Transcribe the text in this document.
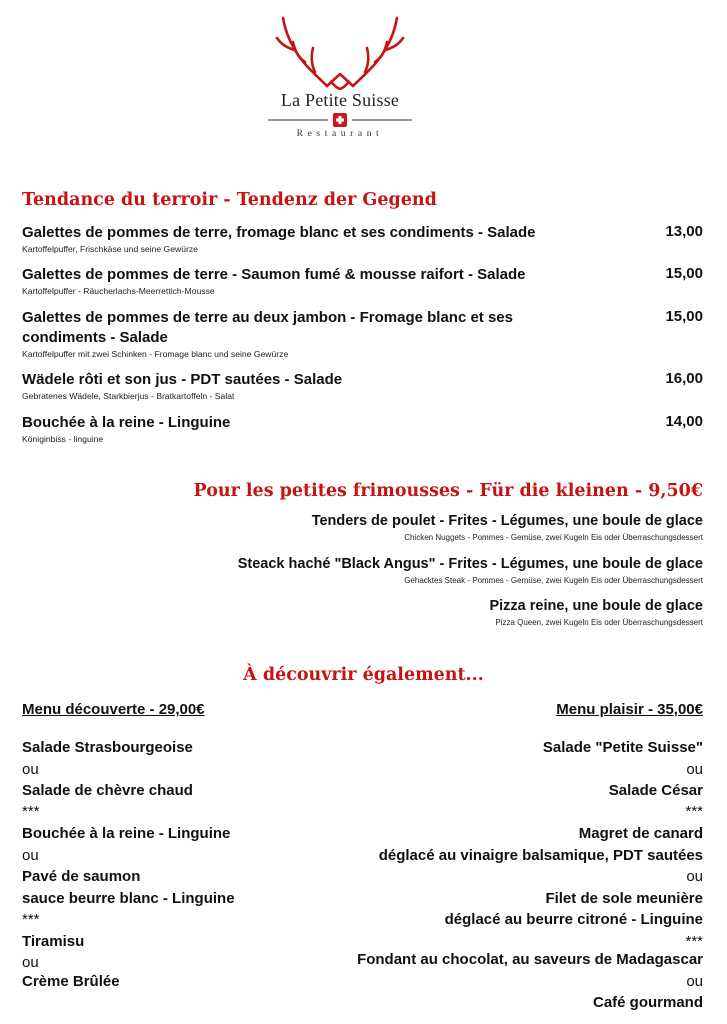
La Petite Suisse
Restaurant
Tendance du terroir - Tendenz der Gegend
Galettes de pommes de terre, fromage blanc et ses condiments - Salade	13,00
Kartoffelpuffer, Frischkäse und seine Gewürze
Galettes de pommes de terre - Saumon fumé & mousse raifort - Salade	15,00
Kartoffelpuffer - Räucherlachs-Meerrettich-Mousse
Galettes de pommes de terre au deux jambon - Fromage blanc et ses	15,00
condiments - Salade
Kartoffelpuffer mit zwei Schinken - Fromage blanc und seine Gewürze
Wädele rôti et son jus - PDT sautées - Salade	16,00
Gebratenes Wädele, Starkbierjus - Bratkartoffeln - Salat
Bouchée à la reine - Linguine	14,00
Königinbiss - linguine
Pour les petites frimousses - Für die kleinen - 9,50€
Tenders de poulet - Frites - Légumes, une boule de glace
Chicken Nuggets - Pommes - Gemüse, zwei Kugeln Eis oder Überraschungsdessert
Steack haché "Black Angus" - Frites - Légumes, une boule de glace
Gehacktes Steak - Pommes - Gemüse, zwei Kugeln Eis oder Überraschungsdessert
Pizza reine, une boule de glace
Pizza Queen, zwei Kugeln Eis oder Überraschungsdessert
À découvrir également...
Menu découverte - 29,00€	Menu plaisir - 35,00€
Salade Strasbourgeoise
ou
Salade de chèvre chaud
***
Bouchée à la reine - Linguine
ou
Pavé de saumon
sauce beurre blanc - Linguine
***
Tiramisu
ou
Crème Brûlée
Salade "Petite Suisse"
ou
Salade César
***
Magret de canard
déglacé au vinaigre balsamique, PDT sautées
ou
Filet de sole meunière
déglacé au beurre citroné - Linguine
***
Fondant au chocolat, au saveurs de Madagascar
ou
Café gourmand
